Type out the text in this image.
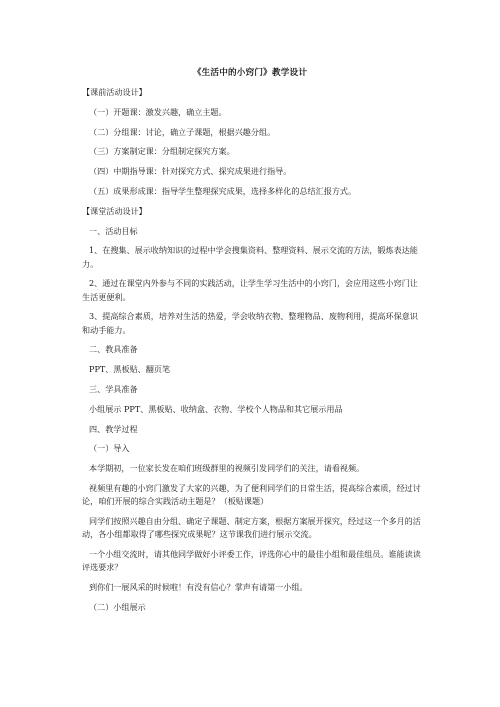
《生活中的小窍门》教学设计

【课前活动设计】

（一）开题课：激发兴趣，确立主题。

（二）分组课：讨论，确立子课题，根据兴趣分组。

（三）方案制定课：分组制定探究方案。

（四）中期指导课：针对探究方式、探究成果进行指导。

（五）成果形成课：指导学生整理探究成果，选择多样化的总结汇报方式。

【课堂活动设计】

一、活动目标

1、在搜集、展示收纳知识的过程中学会搜集资料、整理资料、展示交流的方法，锻炼表达能力。

2、通过在课堂内外参与不同的实践活动，让学生学习生活中的小窍门，会应用这些小窍门让生活更便利。

3、提高综合素质，培养对生活的热爱，学会收纳衣物、整理物品、废物利用，提高环保意识和动手能力。

二、教具准备

PPT、黑板贴、翻页笔

三、学具准备

小组展示 PPT、黑板贴、收纳盒、衣物、学校个人物品和其它展示用品

四、教学过程

（一）导入

本学期初，一位家长发在咱们班级群里的视频引发同学们的关注，请看视频。

视频里有趣的小窍门激发了大家的兴趣，为了便利同学们的日常生活，提高综合素质，经过讨论，咱们开展的综合实践活动主题是？（板贴课题）

同学们按照兴趣自由分组、确定子课题、制定方案，根据方案展开探究，经过这一个多月的活动，各小组都取得了哪些探究成果呢？这节课我们进行展示交流。

一个小组交流时，请其他同学做好小评委工作，评选你心中的最佳小组和最佳组员。谁能读读评选要求？

到你们一展风采的时候啦！有没有信心？掌声有请第一小组。

（二）小组展示
